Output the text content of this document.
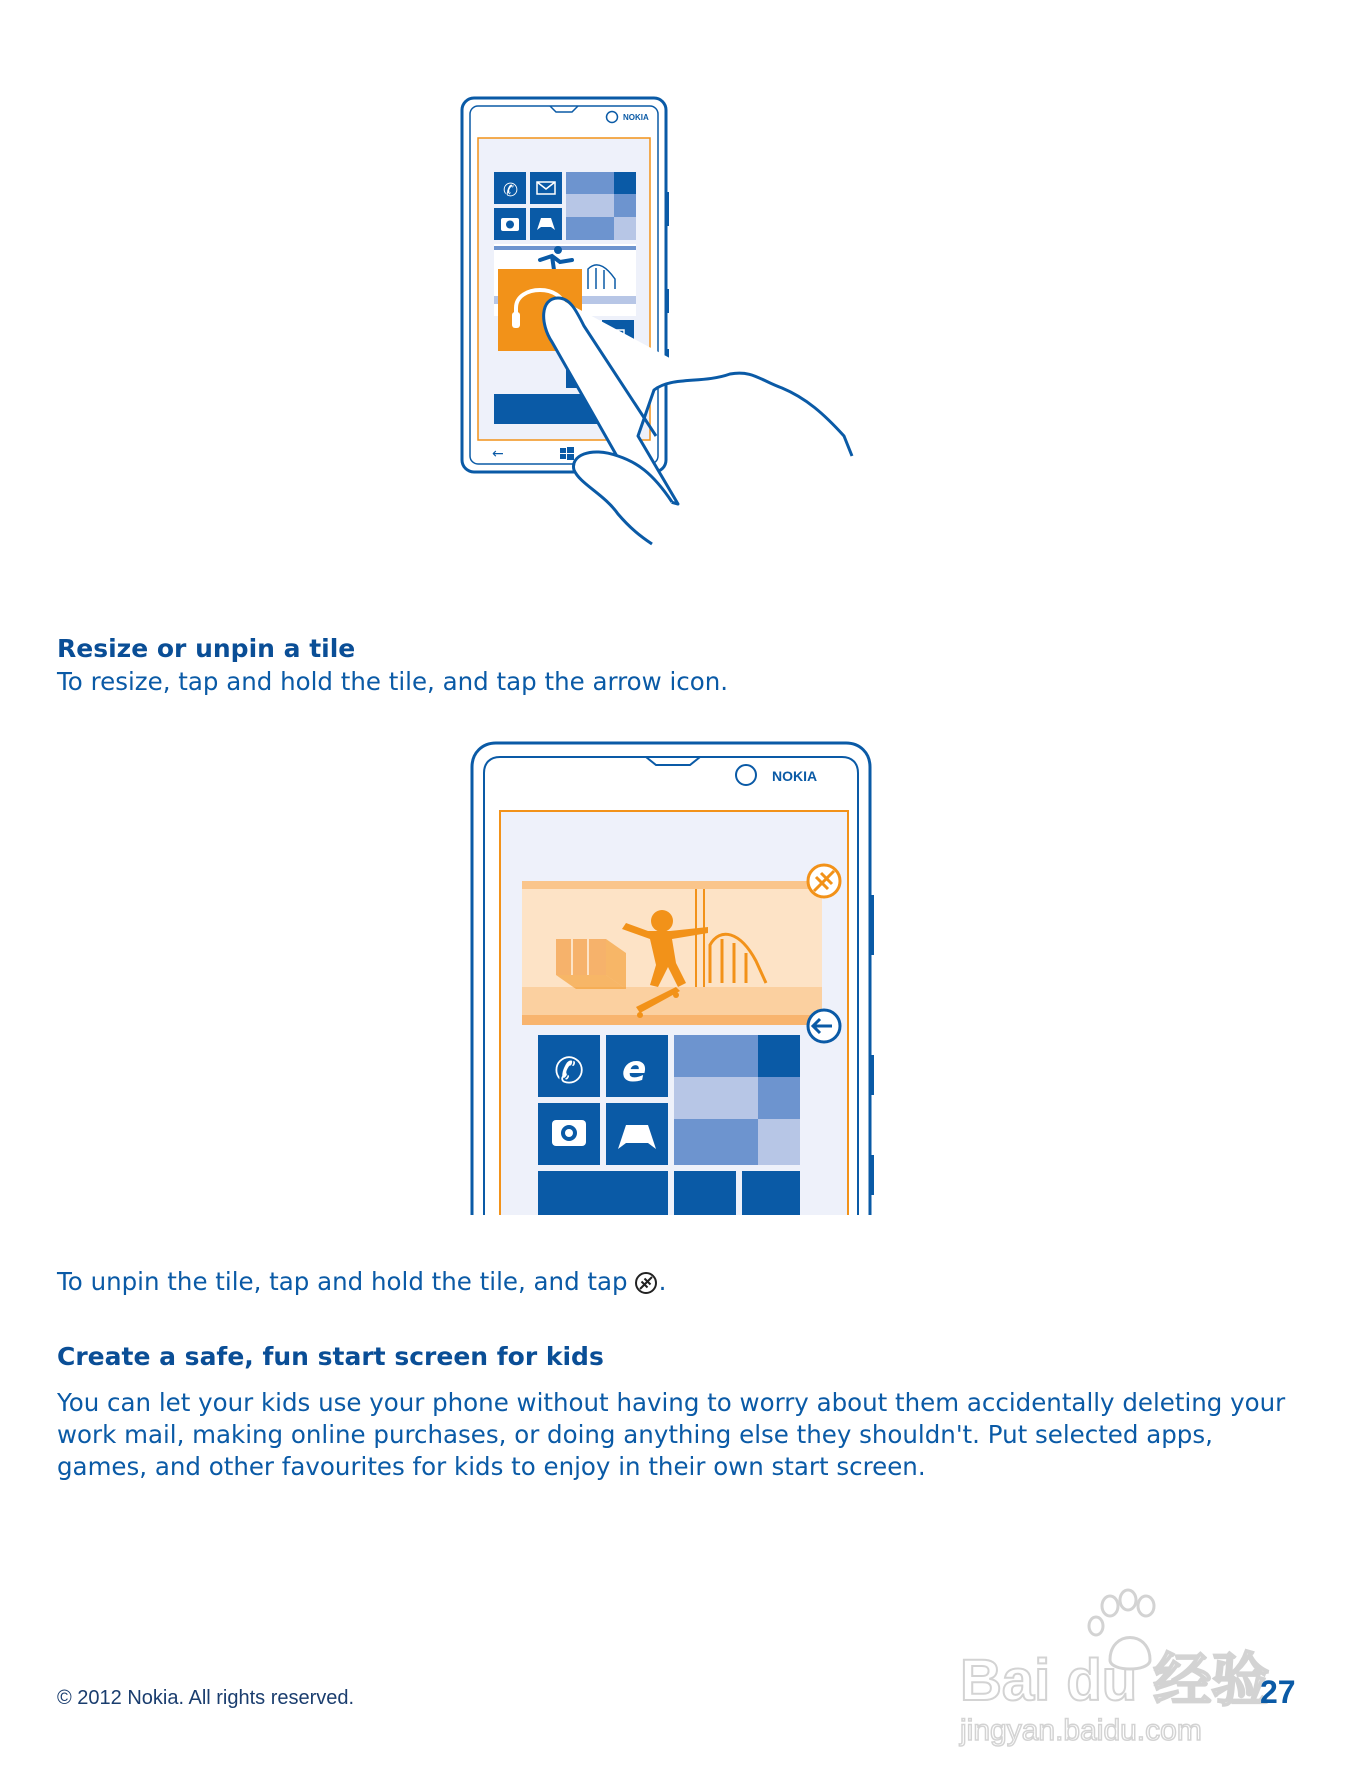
NOKIA
✆
←
Resize or unpin a tile

To resize, tap and hold the tile, and tap the arrow icon.

NOKIA
✆ e

To unpin the tile, tap and hold the tile, and tap .

Create a safe, fun start screen for kids

You can let your kids use your phone without having to worry about them accidentally deleting your work mail, making online purchases, or doing anything else they shouldn't. Put selected apps, games, and other favourites for kids to enjoy in their own start screen.

Bai du 经验
jingyan.baidu.com
© 2012 Nokia. All rights reserved.	27
